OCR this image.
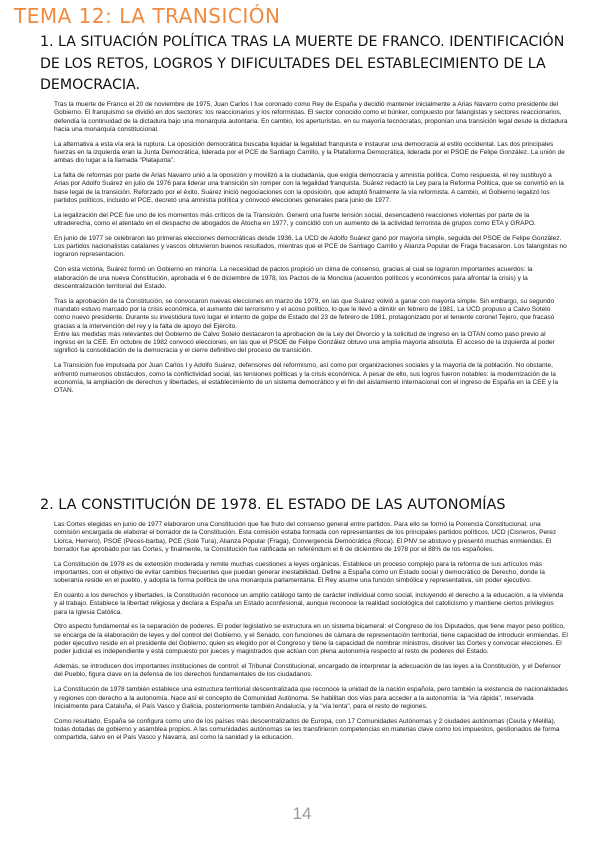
TEMA 12: LA TRANSICIÓN
1. LA SITUACIÓN POLÍTICA TRAS LA MUERTE DE FRANCO. IDENTIFICACIÓN DE LOS RETOS, LOGROS Y DIFICULTADES DEL ESTABLECIMIENTO DE LA DEMOCRACIA.

Tras la muerte de Franco el 20 de noviembre de 1975, Juan Carlos I fue coronado como Rey de España y decidió mantener inicialmente a Arias Navarro como presidente del Gobierno. El franquismo se dividió en dos sectores: los reaccionarios y los reformistas. El sector conocido como el búnker, compuesto por falangistas y sectores reaccionarios, defendía la continuidad de la dictadura bajo una monarquía autoritaria. En cambio, los aperturistas, en su mayoría tecnócratas, proponían una transición legal desde la dictadura hacia una monarquía constitucional.

La alternativa a esta vía era la ruptura. La oposición democrática buscaba liquidar la legalidad franquista e instaurar una democracia al estilo occidental. Las dos principales fuerzas en la izquierda eran la Junta Democrática, liderada por el PCE de Santiago Carrillo, y la Plataforma Democrática, liderada por el PSOE de Felipe González. La unión de ambas dio lugar a la llamada “Platajunta”.

La falta de reformas por parte de Arias Navarro unió a la oposición y movilizó a la ciudadanía, que exigía democracia y amnistía política. Como respuesta, el rey sustituyó a Arias por Adolfo Suárez en julio de 1976 para liderar una transición sin romper con la legalidad franquista. Suárez redactó la Ley para la Reforma Política, que se convirtió en la base legal de la transición. Reforzado por el éxito, Suárez inició negociaciones con la oposición, que adoptó finalmente la vía reformista. A cambio, el Gobierno legalizó los partidos políticos, incluido el PCE, decretó una amnistía política y convocó elecciones generales para junio de 1977.

La legalización del PCE fue uno de los momentos más críticos de la Transición. Generó una fuerte tensión social, desencadenó reacciones violentas por parte de la ultraderecha, como el atentado en el despacho de abogados de Atocha en 1977, y coincidió con un aumento de la actividad terrorista de grupos como ETA y GRAPO.

En junio de 1977 se celebraron las primeras elecciones democráticas desde 1936. La UCD de Adolfo Suárez ganó por mayoría simple, seguida del PSOE de Felipe González. Los partidos nacionalistas catalanes y vascos obtuvieron buenos resultados, mientras que el PCE de Santiago Carrillo y Alianza Popular de Fraga fracasaron. Los falangistas no lograron representación.

Con esta victoria, Suárez formó un Gobierno en minoría. La necesidad de pactos propició un clima de consenso, gracias al cual se lograron importantes acuerdos: la elaboración de una nueva Constitución, aprobada el 6 de diciembre de 1978, los Pactos de la Moncloa (acuerdos políticos y económicos para afrontar la crisis) y la descentralización territorial del Estado.

Tras la aprobación de la Constitución, se convocaron nuevas elecciones en marzo de 1979, en las que Suárez volvió a ganar con mayoría simple. Sin embargo, su segundo mandato estuvo marcado por la crisis económica, el aumento del terrorismo y el acoso político, lo que le llevó a dimitir en febrero de 1981. La UCD propuso a Calvo Sotelo como nuevo presidente. Durante su investidura tuvo lugar el intento de golpe de Estado del 23 de febrero de 1981, protagonizado por el teniente coronel Tejero, que fracasó gracias a la intervención del rey y la falta de apoyo del Ejército.

Entre las medidas más relevantes del Gobierno de Calvo Sotelo destacaron la aprobación de la Ley del Divorcio y la solicitud de ingreso en la OTAN como paso previo al ingreso en la CEE. En octubre de 1982 convocó elecciones, en las que el PSOE de Felipe González obtuvo una amplia mayoría absoluta. El acceso de la izquierda al poder significó la consolidación de la democracia y el cierre definitivo del proceso de transición.

La Transición fue impulsada por Juan Carlos I y Adolfo Suárez, defensores del reformismo, así como por organizaciones sociales y la mayoría de la población. No obstante, enfrentó numerosos obstáculos, como la conflictividad social, las tensiones políticas y la crisis económica. A pesar de ello, sus logros fueron notables: la modernización de la economía, la ampliación de derechos y libertades, el establecimiento de un sistema democrático y el fin del aislamiento internacional con el ingreso de España en la CEE y la OTAN.

2. LA CONSTITUCIÓN DE 1978. EL ESTADO DE LAS AUTONOMÍAS

Las Cortes elegidas en junio de 1977 elaboraron una Constitución que fue fruto del consenso general entre partidos. Para ello se formó la Ponencia Constitucional, una comisión encargada de elaborar el borrador de la Constitución. Esta comisión estaba formada con representantes de los principales partidos políticos, UCD (Cisneros, Perez Llorca, Herrero), PSOE (Peces-barba), PCE (Solé Tura), Alianza Popular (Fraga), Convergencia Democrática (Roca). El PNV se abstuvo y presentó muchas enmiendas. El borrador fue aprobado por las Cortes, y finalmente, la Constitución fue ratificada en referéndum el 6 de diciembre de 1978 por el 88% de los españoles.

La Constitución de 1978 es de extensión moderada y remite muchas cuestiones a leyes orgánicas. Establece un proceso complejo para la reforma de sus artículos más importantes, con el objetivo de evitar cambios frecuentes que puedan generar inestabilidad. Define a España como un Estado social y democrático de Derecho, donde la soberanía reside en el pueblo, y adopta la forma política de una monarquía parlamentaria. El Rey asume una función simbólica y representativa, sin poder ejecutivo.

En cuanto a los derechos y libertades, la Constitución reconoce un amplio catálogo tanto de carácter individual como social, incluyendo el derecho a la educación, a la vivienda y al trabajo. Establece la libertad religiosa y declara a España un Estado aconfesional, aunque reconoce la realidad sociológica del catolicismo y mantiene ciertos privilegios para la Iglesia Católica.

Otro aspecto fundamental es la separación de poderes. El poder legislativo se estructura en un sistema bicameral: el Congreso de los Diputados, que tiene mayor peso político, se encarga de la elaboración de leyes y del control del Gobierno, y el Senado, con funciones de cámara de representación territorial, tiene capacidad de introducir enmiendas. El poder ejecutivo reside en el presidente del Gobierno, quien es elegido por el Congreso y tiene la capacidad de nombrar ministros, disolver las Cortes y convocar elecciones. El poder judicial es independiente y está compuesto por jueces y magistrados que actúan con plena autonomía respecto al resto de poderes del Estado.

Además, se introducen dos importantes instituciones de control: el Tribunal Constitucional, encargado de interpretar la adecuación de las leyes a la Constitución, y el Defensor del Pueblo, figura clave en la defensa de los derechos fundamentales de los ciudadanos.

La Constitución de 1978 también establece una estructura territorial descentralizada que reconoce la unidad de la nación española, pero también la existencia de nacionalidades y regiones con derecho a la autonomía. Nace así el concepto de Comunidad Autónoma. Se habilitan dos vías para acceder a la autonomía: la "vía rápida", reservada inicialmente para Cataluña, el País Vasco y Galicia, posteriormente también Andalucía, y la "vía lenta", para el resto de regiones.

Como resultado, España se configura como uno de los países más descentralizados de Europa, con 17 Comunidades Autónomas y 2 ciudades autónomas (Ceuta y Melilla), todas dotadas de gobierno y asamblea propios. A las comunidades autónomas se les transfirieron competencias en materias clave como los impuestos, gestionados de forma compartida, salvo en el País Vasco y Navarra, así como la sanidad y la educación.

14
